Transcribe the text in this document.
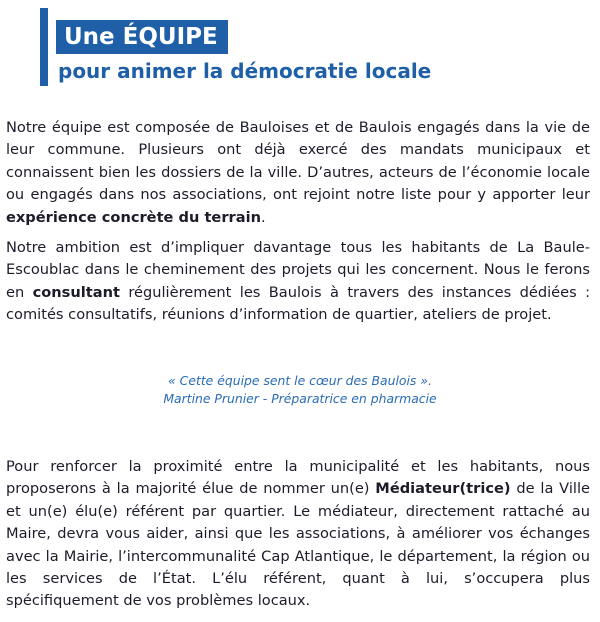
Une ÉQUIPE
pour animer la démocratie locale

Notre équipe est composée de Bauloises et de Baulois engagés dans la vie de leur commune. Plusieurs ont déjà exercé des mandats municipaux et connaissent bien les dossiers de la ville. D’autres, acteurs de l’économie locale ou engagés dans nos associations, ont rejoint notre liste pour y apporter leur expérience concrète du terrain.

Notre ambition est d’impliquer davantage tous les habitants de La Baule-Escoublac dans le cheminement des projets qui les concernent. Nous le ferons en consultant régulièrement les Baulois à travers des instances dédiées : comités consultatifs, réunions d’information de quartier, ateliers de projet.

« Cette équipe sent le cœur des Baulois ».
Martine Prunier - Préparatrice en pharmacie

Pour renforcer la proximité entre la municipalité et les habitants, nous proposerons à la majorité élue de nommer un(e) Médiateur(trice) de la Ville et un(e) élu(e) référent par quartier. Le médiateur, directement rattaché au Maire, devra vous aider, ainsi que les associations, à améliorer vos échanges avec la Mairie, l’intercommunalité Cap Atlantique, le département, la région ou les services de l’État. L’élu référent, quant à lui, s’occupera plus spécifiquement de vos problèmes locaux.
